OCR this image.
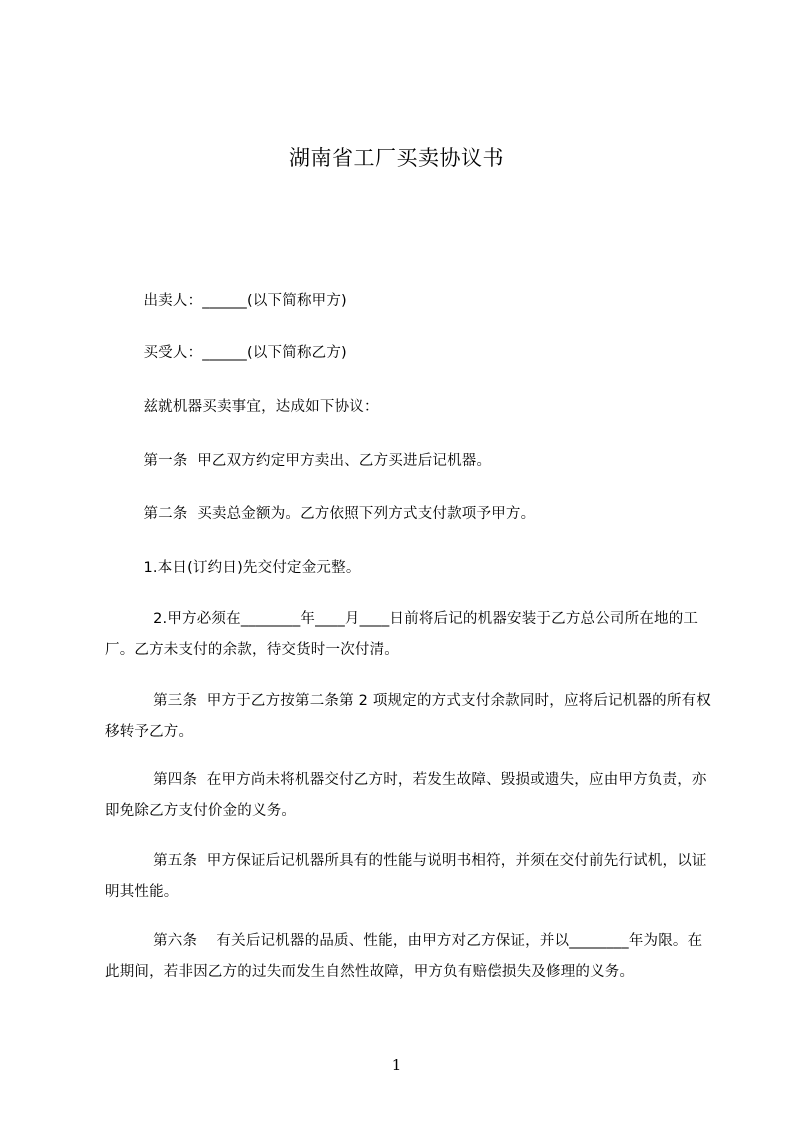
湖南省工厂买卖协议书
出卖人：______(以下简称甲方)
买受人：______(以下简称乙方)
兹就机器买卖事宜，达成如下协议：
第一条  甲乙双方约定甲方卖出、乙方买进后记机器。
第二条  买卖总金额为。乙方依照下列方式支付款项予甲方。
1.本日(订约日)先交付定金元整。
2.甲方必须在________年____月____日前将后记的机器安装于乙方总公司所在地的工厂。乙方未支付的余款，待交货时一次付清。
第三条  甲方于乙方按第二条第 2 项规定的方式支付余款同时，应将后记机器的所有权移转予乙方。
第四条  在甲方尚未将机器交付乙方时，若发生故障、毁损或遗失，应由甲方负责，亦即免除乙方支付价金的义务。
第五条  甲方保证后记机器所具有的性能与说明书相符，并须在交付前先行试机，以证明其性能。
第六条    有关后记机器的品质、性能，由甲方对乙方保证，并以________年为限。在此期间，若非因乙方的过失而发生自然性故障，甲方负有赔偿损失及修理的义务。
1
